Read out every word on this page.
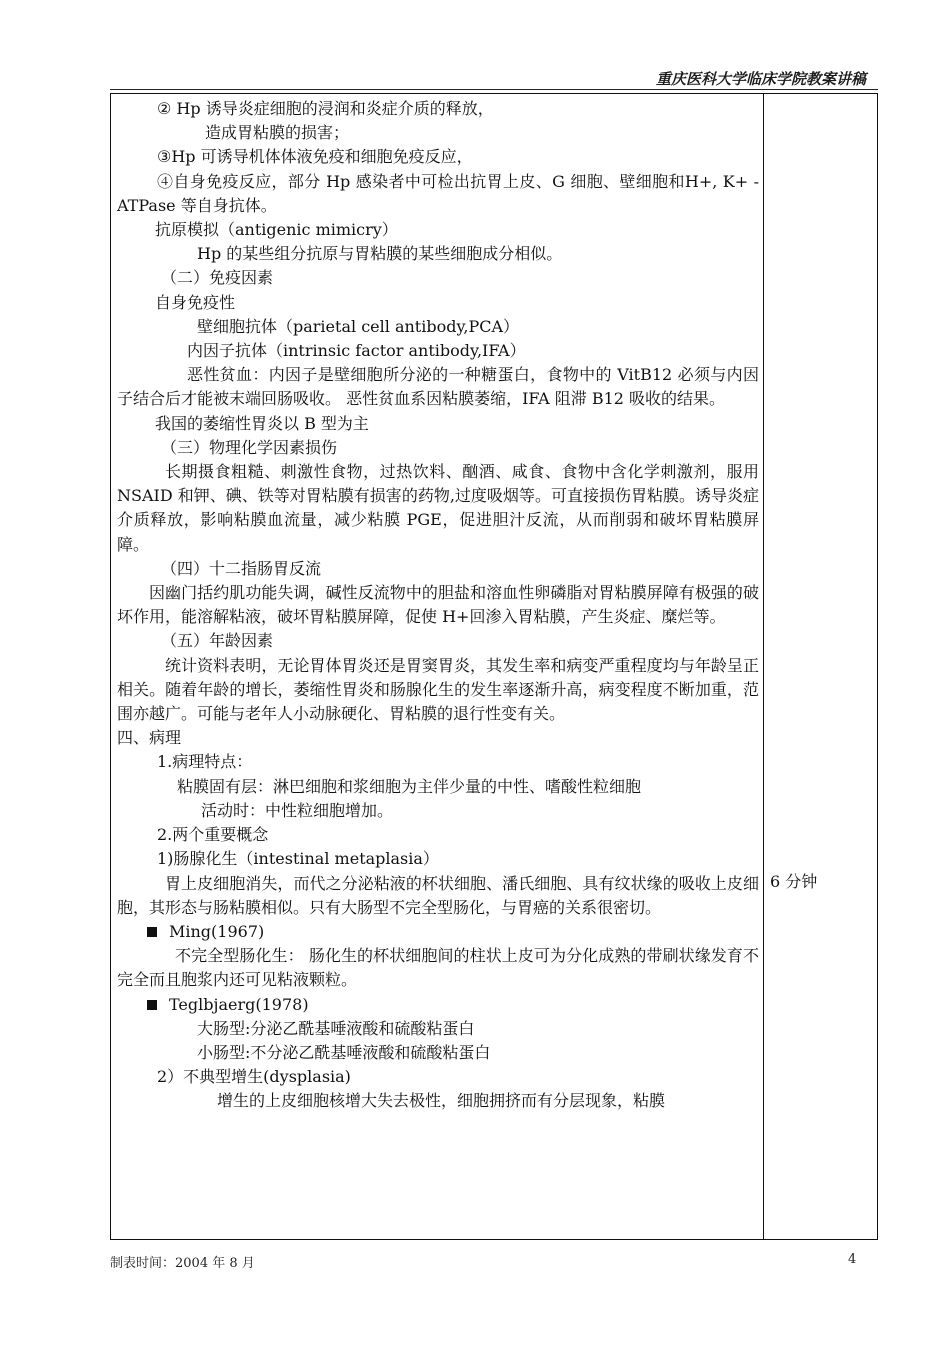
重庆医科大学临床学院教案讲稿

② Hp 诱导炎症细胞的浸润和炎症介质的释放，

造成胃粘膜的损害；

③Hp 可诱导机体体液免疫和细胞免疫反应，

④自身免疫反应，部分 Hp 感染者中可检出抗胃上皮、G 细胞、壁细胞和H+, K+ -ATPase 等自身抗体。

抗原模拟（antigenic mimicry）

Hp 的某些组分抗原与胃粘膜的某些细胞成分相似。

（二）免疫因素

自身免疫性

壁细胞抗体（parietal cell antibody,PCA）

内因子抗体（intrinsic factor antibody,IFA）

恶性贫血：内因子是壁细胞所分泌的一种糖蛋白，食物中的 VitB12 必须与内因子结合后才能被末端回肠吸收。 恶性贫血系因粘膜萎缩，IFA 阻滞 B12 吸收的结果。

我国的萎缩性胃炎以 B 型为主

（三）物理化学因素损伤

长期摄食粗糙、刺激性食物，过热饮料、酗酒、咸食、食物中含化学刺激剂，服用 NSAID 和钾、碘、铁等对胃粘膜有损害的药物,过度吸烟等。可直接损伤胃粘膜。诱导炎症介质释放，影响粘膜血流量，减少粘膜 PGE，促进胆汁反流，从而削弱和破坏胃粘膜屏障。

（四）十二指肠胃反流

因幽门括约肌功能失调，碱性反流物中的胆盐和溶血性卵磷脂对胃粘膜屏障有极强的破坏作用，能溶解粘液，破坏胃粘膜屏障，促使 H+回渗入胃粘膜，产生炎症、糜烂等。

（五）年龄因素

统计资料表明，无论胃体胃炎还是胃窦胃炎，其发生率和病变严重程度均与年龄呈正相关。随着年龄的增长，萎缩性胃炎和肠腺化生的发生率逐渐升高，病变程度不断加重，范围亦越广。可能与老年人小动脉硬化、胃粘膜的退行性变有关。

四、病理

1.病理特点：

粘膜固有层：淋巴细胞和浆细胞为主伴少量的中性、嗜酸性粒细胞

活动时：中性粒细胞增加。

2.两个重要概念

1)肠腺化生（intestinal metaplasia）

胃上皮细胞消失，而代之分泌粘液的杯状细胞、潘氏细胞、具有纹状缘的吸收上皮细胞，其形态与肠粘膜相似。只有大肠型不完全型肠化，与胃癌的关系很密切。

Ming(1967)

不完全型肠化生： 肠化生的杯状细胞间的柱状上皮可为分化成熟的带刷状缘发育不完全而且胞浆内还可见粘液颗粒。

Teglbjaerg(1978)

大肠型:分泌乙酰基唾液酸和硫酸粘蛋白

小肠型:不分泌乙酰基唾液酸和硫酸粘蛋白

2）不典型增生(dysplasia)

增生的上皮细胞核增大失去极性，细胞拥挤而有分层现象，粘膜

6 分钟
制表时间：2004 年 8 月	4
